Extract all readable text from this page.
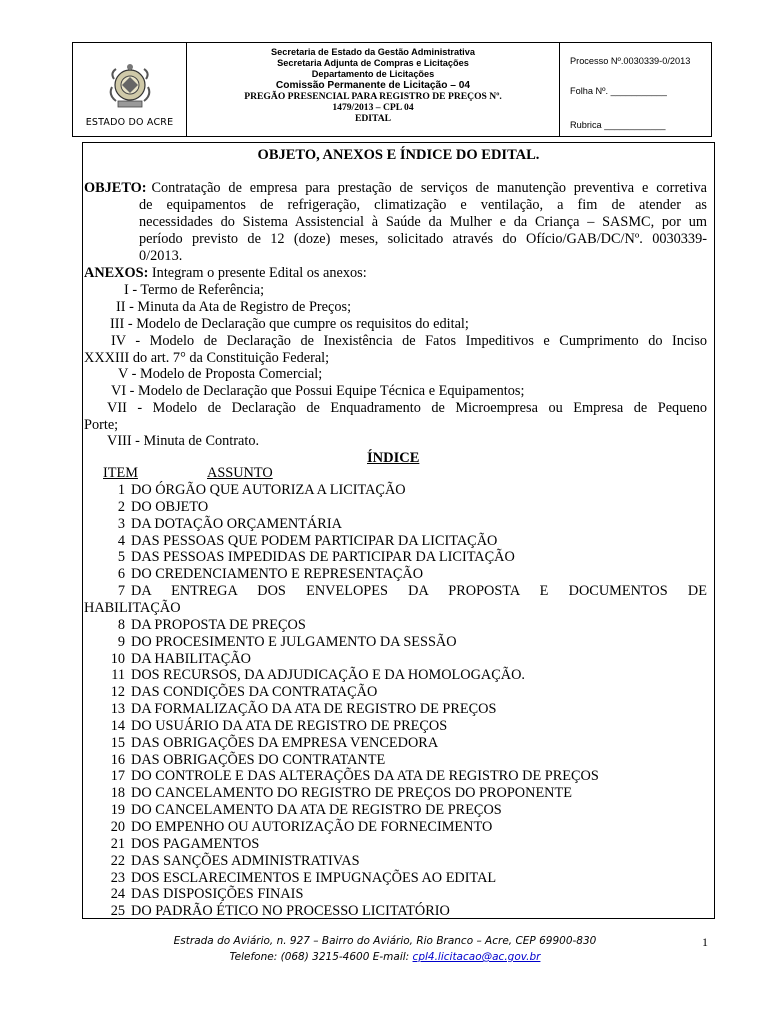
ESTADO DO ACRE
Secretaria de Estado da Gestão Administrativa
Secretaria Adjunta de Compras e Licitações
Departamento de Licitações
Comissão Permanente de Licitação – 04
PREGÃO PRESENCIAL PARA REGISTRO DE PREÇOS Nº.
1479/2013 – CPL 04
EDITAL
Processo Nº.0030339-0/2013
Folha Nº. ___________
Rubrica ____________
OBJETO, ANEXOS E ÍNDICE DO EDITAL.
OBJETO: Contratação de empresa para prestação de serviços de manutenção preventiva e corretiva
de equipamentos de refrigeração, climatização e ventilação, a fim de atender as
necessidades do Sistema Assistencial à Saúde da Mulher e da Criança – SASMC, por um
período previsto de 12 (doze) meses, solicitado através do Ofício/GAB/DC/Nº. 0030339-
0/2013.
ANEXOS: Integram o presente Edital os anexos:
I - Termo de Referência;
II - Minuta da Ata de Registro de Preços;
III - Modelo de Declaração que cumpre os requisitos do edital;
IV - Modelo de Declaração de Inexistência de Fatos Impeditivos e Cumprimento do Inciso
XXXIII do art. 7° da Constituição Federal;
V - Modelo de Proposta Comercial;
VI - Modelo de Declaração que Possui Equipe Técnica e Equipamentos;
VII - Modelo de Declaração de Enquadramento de Microempresa ou Empresa de Pequeno
Porte;
VIII - Minuta de Contrato.
ÍNDICE
ITEM	ASSUNTO
1 DO ÓRGÃO QUE AUTORIZA A LICITAÇÃO
2 DO OBJETO
3 DA DOTAÇÃO ORÇAMENTÁRIA
4 DAS PESSOAS QUE PODEM PARTICIPAR DA LICITAÇÃO
5 DAS PESSOAS IMPEDIDAS DE PARTICIPAR DA LICITAÇÃO
6 DO CREDENCIAMENTO E REPRESENTAÇÃO
7 DA ENTREGA DOS ENVELOPES DA PROPOSTA E DOCUMENTOS DE
HABILITAÇÃO
8 DA PROPOSTA DE PREÇOS
9 DO PROCESIMENTO E JULGAMENTO DA SESSÃO
10 DA HABILITAÇÃO
11 DOS RECURSOS, DA ADJUDICAÇÃO E DA HOMOLOGAÇÃO.
12 DAS CONDIÇÕES DA CONTRATAÇÃO
13 DA FORMALIZAÇÃO DA ATA DE REGISTRO DE PREÇOS
14 DO USUÁRIO DA ATA DE REGISTRO DE PREÇOS
15 DAS OBRIGAÇÕES DA EMPRESA VENCEDORA
16 DAS OBRIGAÇÕES DO CONTRATANTE
17 DO CONTROLE E DAS ALTERAÇÕES DA ATA DE REGISTRO DE PREÇOS
18 DO CANCELAMENTO DO REGISTRO DE PREÇOS DO PROPONENTE
19 DO CANCELAMENTO DA ATA DE REGISTRO DE PREÇOS
20 DO EMPENHO OU AUTORIZAÇÃO DE FORNECIMENTO
21 DOS PAGAMENTOS
22 DAS SANÇÕES ADMINISTRATIVAS
23 DOS ESCLARECIMENTOS E IMPUGNAÇÕES AO EDITAL
24 DAS DISPOSIÇÕES FINAIS
25 DO PADRÃO ÉTICO NO PROCESSO LICITATÓRIO
Estrada do Aviário, n. 927 – Bairro do Aviário, Rio Branco – Acre, CEP 69900-830
Telefone: (068) 3215-4600 E-mail: cpl4.licitacao@ac.gov.br
1
